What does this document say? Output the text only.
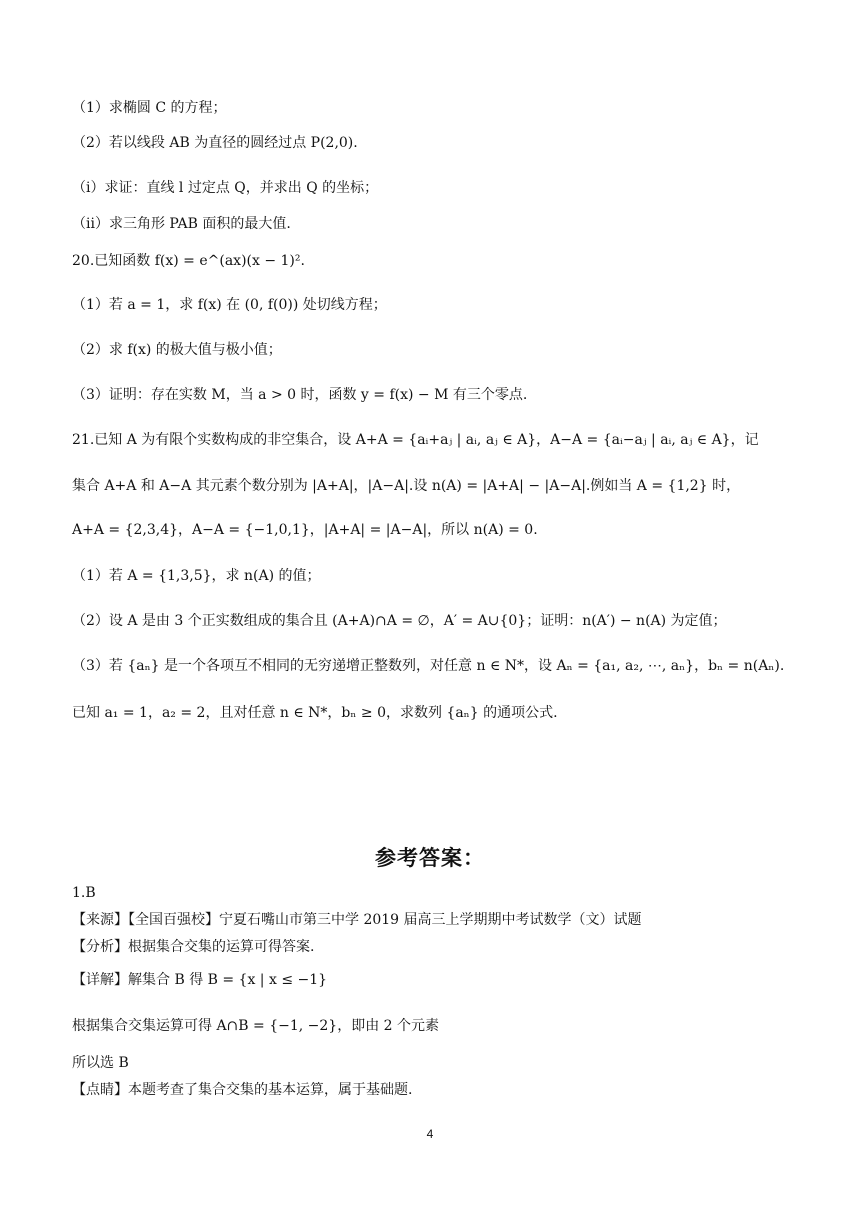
（1）求椭圆 C 的方程；
（2）若以线段 AB 为直径的圆经过点 P(2,0).
（i）求证：直线 l 过定点 Q，并求出 Q 的坐标；
（ii）求三角形 PAB 面积的最大值.
20.已知函数 f(x) = e^(ax)(x − 1)².
（1）若 a = 1，求 f(x) 在 (0, f(0)) 处切线方程；
（2）求 f(x) 的极大值与极小值；
（3）证明：存在实数 M，当 a > 0 时，函数 y = f(x) − M 有三个零点.
21.已知 A 为有限个实数构成的非空集合，设 A+A = {aᵢ+aⱼ | aᵢ, aⱼ ∈ A}，A−A = {aᵢ−aⱼ | aᵢ, aⱼ ∈ A}，记
集合 A+A 和 A−A 其元素个数分别为 |A+A|，|A−A|.设 n(A) = |A+A| − |A−A|.例如当 A = {1,2} 时，
A+A = {2,3,4}，A−A = {−1,0,1}，|A+A| = |A−A|，所以 n(A) = 0.
（1）若 A = {1,3,5}，求 n(A) 的值；
（2）设 A 是由 3 个正实数组成的集合且 (A+A)∩A = ∅，A′ = A∪{0}；证明：n(A′) − n(A) 为定值；
（3）若 {aₙ} 是一个各项互不相同的无穷递增正整数列，对任意 n ∈ N*，设 Aₙ = {a₁, a₂, ⋯, aₙ}，bₙ = n(Aₙ).
已知 a₁ = 1，a₂ = 2，且对任意 n ∈ N*，bₙ ≥ 0，求数列 {aₙ} 的通项公式.
参考答案：
1.B
【来源】【全国百强校】宁夏石嘴山市第三中学 2019 届高三上学期期中考试数学（文）试题
【分析】根据集合交集的运算可得答案.
【详解】解集合 B 得 B = {x | x ≤ −1}
根据集合交集运算可得 A∩B = {−1, −2}，即由 2 个元素
所以选 B
【点睛】本题考查了集合交集的基本运算，属于基础题.
4
